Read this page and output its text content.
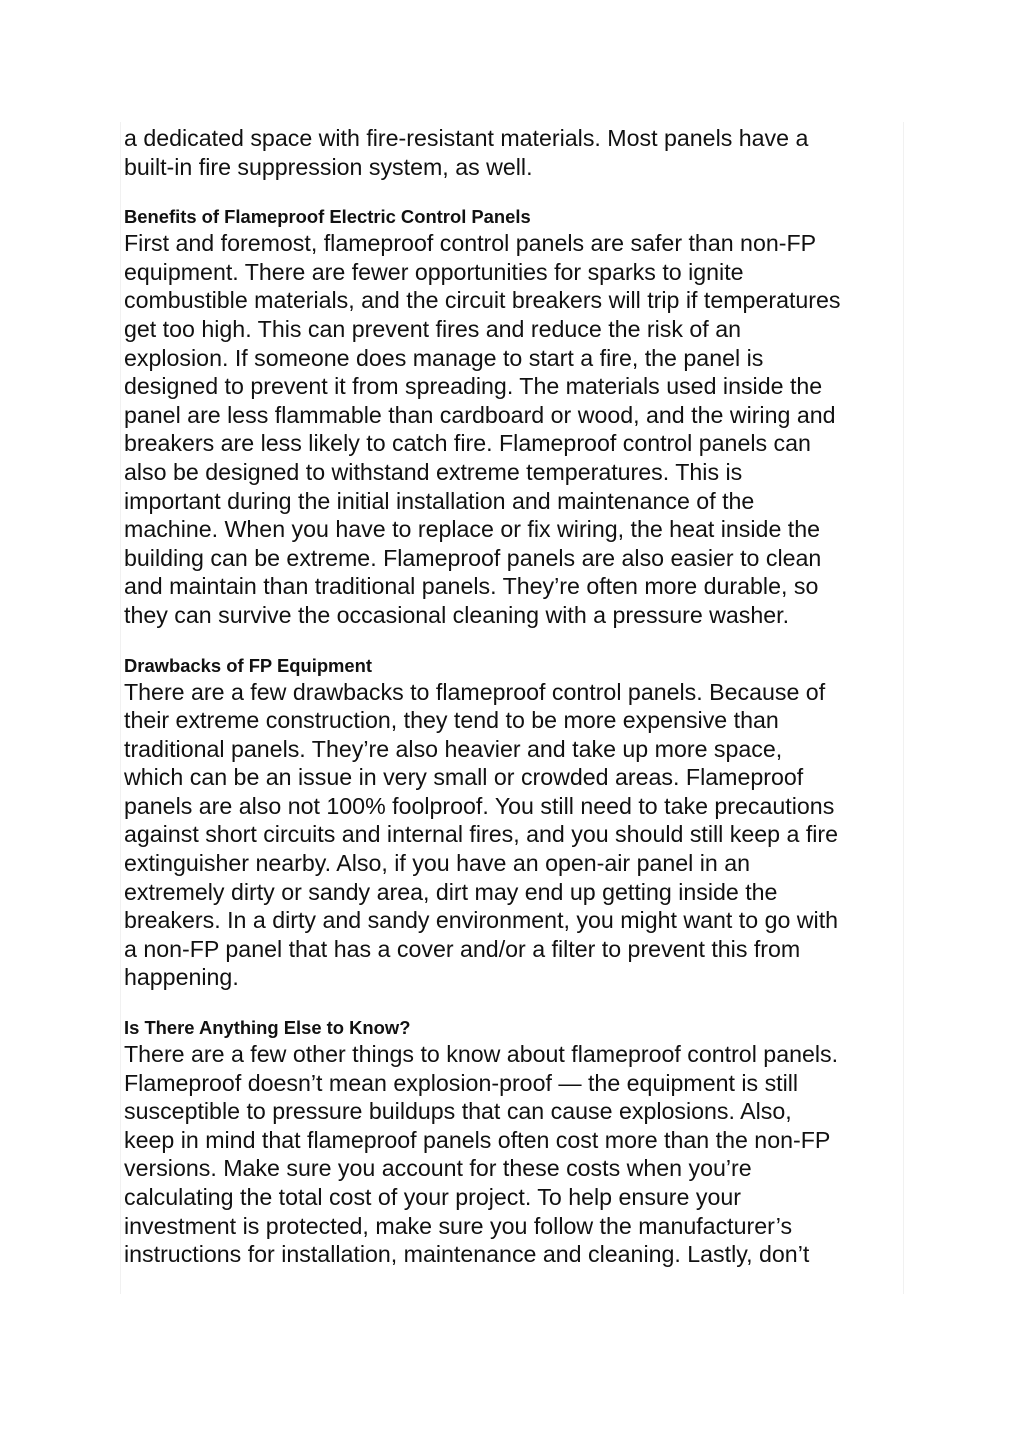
a dedicated space with fire-resistant materials. Most panels have a
built-in fire suppression system, as well.

Benefits of Flameproof Electric Control Panels

First and foremost, flameproof control panels are safer than non-FP
equipment. There are fewer opportunities for sparks to ignite
combustible materials, and the circuit breakers will trip if temperatures
get too high. This can prevent fires and reduce the risk of an
explosion. If someone does manage to start a fire, the panel is
designed to prevent it from spreading. The materials used inside the
panel are less flammable than cardboard or wood, and the wiring and
breakers are less likely to catch fire. Flameproof control panels can
also be designed to withstand extreme temperatures. This is
important during the initial installation and maintenance of the
machine. When you have to replace or fix wiring, the heat inside the
building can be extreme. Flameproof panels are also easier to clean
and maintain than traditional panels. They’re often more durable, so
they can survive the occasional cleaning with a pressure washer.

Drawbacks of FP Equipment

There are a few drawbacks to flameproof control panels. Because of
their extreme construction, they tend to be more expensive than
traditional panels. They’re also heavier and take up more space,
which can be an issue in very small or crowded areas. Flameproof
panels are also not 100% foolproof. You still need to take precautions
against short circuits and internal fires, and you should still keep a fire
extinguisher nearby. Also, if you have an open-air panel in an
extremely dirty or sandy area, dirt may end up getting inside the
breakers. In a dirty and sandy environment, you might want to go with
a non-FP panel that has a cover and/or a filter to prevent this from
happening.

Is There Anything Else to Know?

There are a few other things to know about flameproof control panels.
Flameproof doesn’t mean explosion-proof — the equipment is still
susceptible to pressure buildups that can cause explosions. Also,
keep in mind that flameproof panels often cost more than the non-FP
versions. Make sure you account for these costs when you’re
calculating the total cost of your project. To help ensure your
investment is protected, make sure you follow the manufacturer’s
instructions for installation, maintenance and cleaning. Lastly, don’t
